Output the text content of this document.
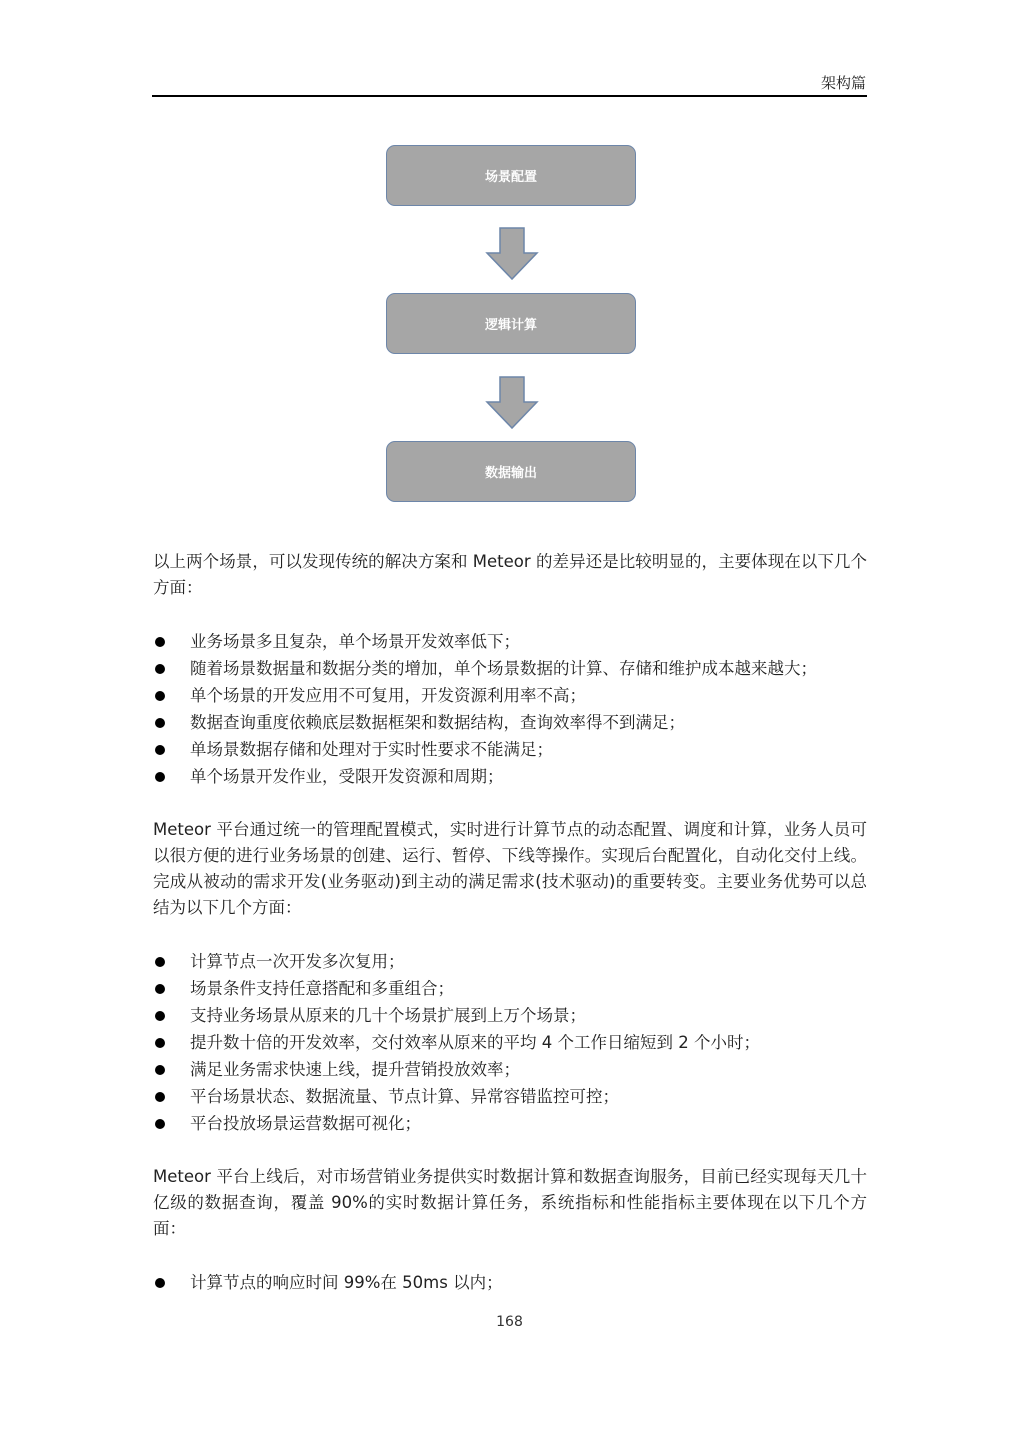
架构篇
场景配置
逻辑计算
数据输出

以上两个场景，可以发现传统的解决方案和 Meteor 的差异还是比较明显的，主要体现在以下几个方面：

业务场景多且复杂，单个场景开发效率低下；
随着场景数据量和数据分类的增加，单个场景数据的计算、存储和维护成本越来越大；
单个场景的开发应用不可复用，开发资源利用率不高；
数据查询重度依赖底层数据框架和数据结构，查询效率得不到满足；
单场景数据存储和处理对于实时性要求不能满足；
单个场景开发作业，受限开发资源和周期；

Meteor 平台通过统一的管理配置模式，实时进行计算节点的动态配置、调度和计算，业务人员可以很方便的进行业务场景的创建、运行、暂停、下线等操作。实现后台配置化，自动化交付上线。完成从被动的需求开发(业务驱动)到主动的满足需求(技术驱动)的重要转变。主要业务优势可以总结为以下几个方面：

计算节点一次开发多次复用；
场景条件支持任意搭配和多重组合；
支持业务场景从原来的几十个场景扩展到上万个场景；
提升数十倍的开发效率，交付效率从原来的平均 4 个工作日缩短到 2 个小时；
满足业务需求快速上线，提升营销投放效率；
平台场景状态、数据流量、节点计算、异常容错监控可控；
平台投放场景运营数据可视化；

Meteor 平台上线后，对市场营销业务提供实时数据计算和数据查询服务，目前已经实现每天几十亿级的数据查询，覆盖 90%的实时数据计算任务，系统指标和性能指标主要体现在以下几个方面：

计算节点的响应时间 99%在 50ms 以内；
168
